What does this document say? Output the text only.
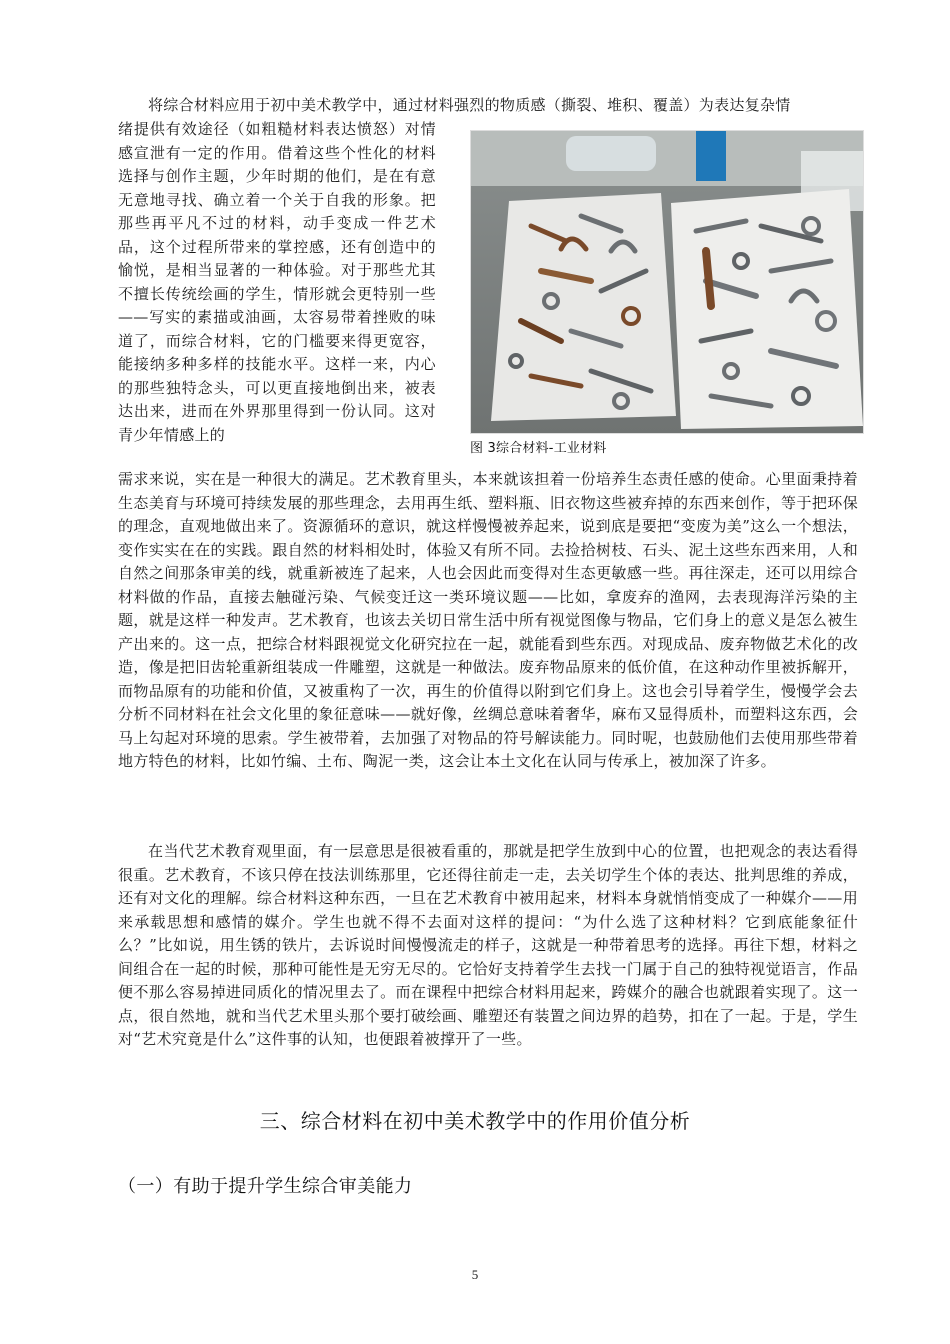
将综合材料应用于初中美术教学中，通过材料强烈的物质感（撕裂、堆积、覆盖）为表达复杂情
绪提供有效途径（如粗糙材料表达愤怒）对情感宣泄有一定的作用。借着这些个性化的材料选择与创作主题，少年时期的他们，是在有意无意地寻找、确立着一个关于自我的形象。把那些再平凡不过的材料，动手变成一件艺术品，这个过程所带来的掌控感，还有创造中的愉悦，是相当显著的一种体验。对于那些尤其不擅长传统绘画的学生，情形就会更特别一些——写实的素描或油画，太容易带着挫败的味道了，而综合材料，它的门槛要来得更宽容，能接纳多种多样的技能水平。这样一来，内心的那些独特念头，可以更直接地倒出来，被表达出来，进而在外界那里得到一份认同。这对青少年情感上的
图 3综合材料-工业材料
需求来说，实在是一种很大的满足。艺术教育里头，本来就该担着一份培养生态责任感的使命。心里面秉持着生态美育与环境可持续发展的那些理念，去用再生纸、塑料瓶、旧衣物这些被弃掉的东西来创作，等于把环保的理念，直观地做出来了。资源循环的意识，就这样慢慢被养起来，说到底是要把“变废为美”这么一个想法，变作实实在在的实践。跟自然的材料相处时，体验又有所不同。去捡拾树枝、石头、泥土这些东西来用，人和自然之间那条审美的线，就重新被连了起来，人也会因此而变得对生态更敏感一些。再往深走，还可以用综合材料做的作品，直接去触碰污染、气候变迁这一类环境议题——比如，拿废弃的渔网，去表现海洋污染的主题，就是这样一种发声。艺术教育，也该去关切日常生活中所有视觉图像与物品，它们身上的意义是怎么被生产出来的。这一点，把综合材料跟视觉文化研究拉在一起，就能看到些东西。对现成品、废弃物做艺术化的改造，像是把旧齿轮重新组装成一件雕塑，这就是一种做法。废弃物品原来的低价值，在这种动作里被拆解开，而物品原有的功能和价值，又被重构了一次，再生的价值得以附到它们身上。这也会引导着学生，慢慢学会去分析不同材料在社会文化里的象征意味——就好像，丝绸总意味着奢华，麻布又显得质朴，而塑料这东西，会马上勾起对环境的思索。学生被带着，去加强了对物品的符号解读能力。同时呢，也鼓励他们去使用那些带着地方特色的材料，比如竹编、土布、陶泥一类，这会让本土文化在认同与传承上，被加深了许多。
在当代艺术教育观里面，有一层意思是很被看重的，那就是把学生放到中心的位置，也把观念的表达看得很重。艺术教育，不该只停在技法训练那里，它还得往前走一走，去关切学生个体的表达、批判思维的养成，还有对文化的理解。综合材料这种东西，一旦在艺术教育中被用起来，材料本身就悄悄变成了一种媒介——用来承载思想和感情的媒介。学生也就不得不去面对这样的提问：“为什么选了这种材料？它到底能象征什么？”比如说，用生锈的铁片，去诉说时间慢慢流走的样子，这就是一种带着思考的选择。再往下想，材料之间组合在一起的时候，那种可能性是无穷无尽的。它恰好支持着学生去找一门属于自己的独特视觉语言，作品便不那么容易掉进同质化的情况里去了。而在课程中把综合材料用起来，跨媒介的融合也就跟着实现了。这一点，很自然地，就和当代艺术里头那个要打破绘画、雕塑还有装置之间边界的趋势，扣在了一起。于是，学生对“艺术究竟是什么”这件事的认知，也便跟着被撑开了一些。
三、综合材料在初中美术教学中的作用价值分析
（一）有助于提升学生综合审美能力
5
